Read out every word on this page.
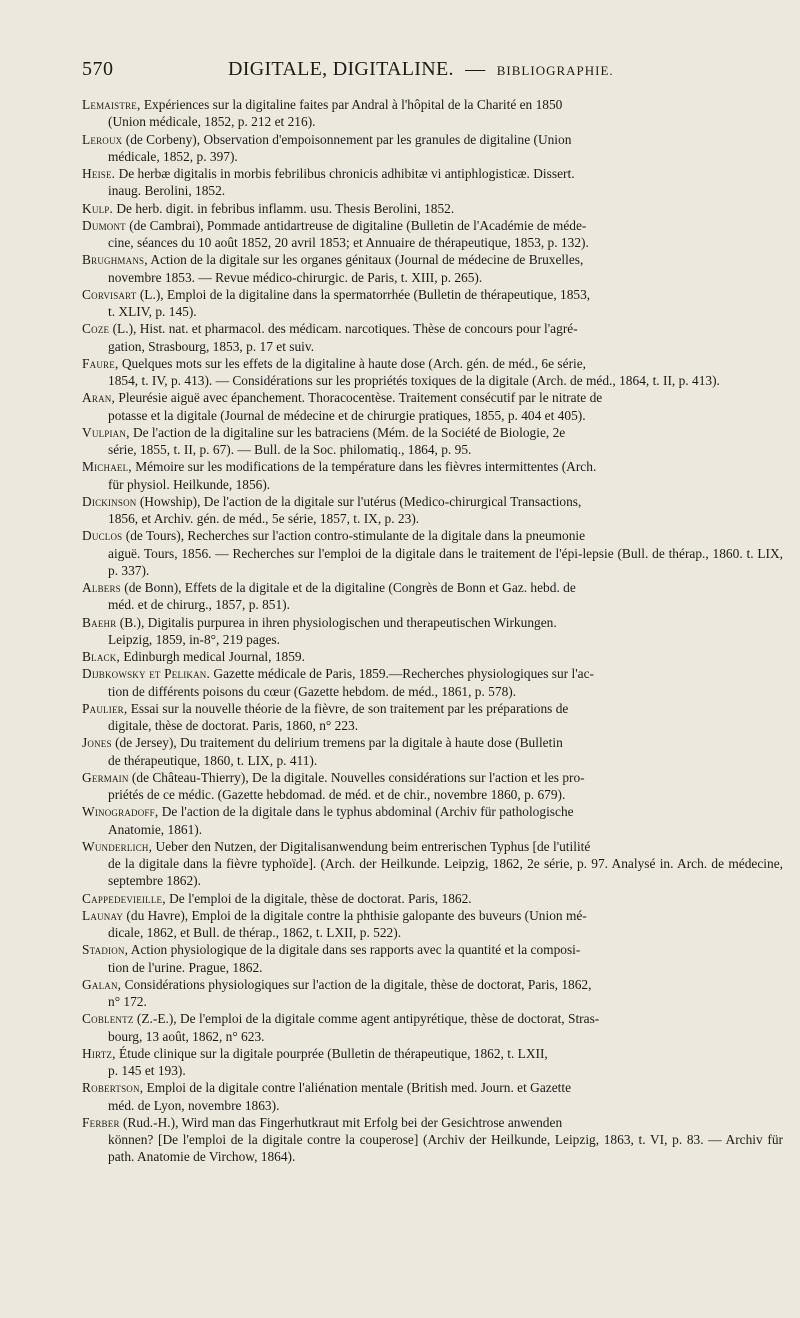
570	DIGITALE, DIGITALINE. — BIBLIOGRAPHIE.
Lemaistre, Expériences sur la digitaline faites par Andral à l'hôpital de la Charité en 1850
(Union médicale, 1852, p. 212 et 216).
Leroux (de Corbeny), Observation d'empoisonnement par les granules de digitaline (Union
médicale, 1852, p. 397).
Heise. De herbæ digitalis in morbis febrilibus chronicis adhibitæ vi antiphlogisticæ. Dissert.
inaug. Berolini, 1852.
Kulp. De herb. digit. in febribus inflamm. usu. Thesis Berolini, 1852.
Dumont (de Cambrai), Pommade antidartreuse de digitaline (Bulletin de l'Académie de méde-
cine, séances du 10 août 1852, 20 avril 1853; et Annuaire de thérapeutique, 1853, p. 132).
Brughmans, Action de la digitale sur les organes génitaux (Journal de médecine de Bruxelles,
novembre 1853. — Revue médico-chirurgic. de Paris, t. XIII, p. 265).
Corvisart (L.), Emploi de la digitaline dans la spermatorrhée (Bulletin de thérapeutique, 1853,
t. XLIV, p. 145).
Coze (L.), Hist. nat. et pharmacol. des médicam. narcotiques. Thèse de concours pour l'agré-
gation, Strasbourg, 1853, p. 17 et suiv.
Faure, Quelques mots sur les effets de la digitaline à haute dose (Arch. gén. de méd., 6e série,
1854, t. IV, p. 413). — Considérations sur les propriétés toxiques de la digitale (Arch. de méd., 1864, t. II, p. 413).
Aran, Pleurésie aiguë avec épanchement. Thoracocentèse. Traitement consécutif par le nitrate de
potasse et la digitale (Journal de médecine et de chirurgie pratiques, 1855, p. 404 et 405).
Vulpian, De l'action de la digitaline sur les batraciens (Mém. de la Société de Biologie, 2e
série, 1855, t. II, p. 67). — Bull. de la Soc. philomatiq., 1864, p. 95.
Michael, Mémoire sur les modifications de la température dans les fièvres intermittentes (Arch.
für physiol. Heilkunde, 1856).
Dickinson (Howship), De l'action de la digitale sur l'utérus (Medico-chirurgical Transactions,
1856, et Archiv. gén. de méd., 5e série, 1857, t. IX, p. 23).
Duclos (de Tours), Recherches sur l'action contro-stimulante de la digitale dans la pneumonie
aiguë. Tours, 1856. — Recherches sur l'emploi de la digitale dans le traitement de l'épi-lepsie (Bull. de thérap., 1860. t. LIX, p. 337).
Albers (de Bonn), Effets de la digitale et de la digitaline (Congrès de Bonn et Gaz. hebd. de
méd. et de chirurg., 1857, p. 851).
Baehr (B.), Digitalis purpurea in ihren physiologischen und therapeutischen Wirkungen.
Leipzig, 1859, in-8°, 219 pages.
Black, Edinburgh medical Journal, 1859.
Dijbkowsky et Pelikan. Gazette médicale de Paris, 1859.—Recherches physiologiques sur l'ac-
tion de différents poisons du cœur (Gazette hebdom. de méd., 1861, p. 578).
Paulier, Essai sur la nouvelle théorie de la fièvre, de son traitement par les préparations de
digitale, thèse de doctorat. Paris, 1860, n° 223.
Jones (de Jersey), Du traitement du delirium tremens par la digitale à haute dose (Bulletin
de thérapeutique, 1860, t. LIX, p. 411).
Germain (de Château-Thierry), De la digitale. Nouvelles considérations sur l'action et les pro-
priétés de ce médic. (Gazette hebdomad. de méd. et de chir., novembre 1860, p. 679).
Winogradoff, De l'action de la digitale dans le typhus abdominal (Archiv für pathologische
Anatomie, 1861).
Wunderlich, Ueber den Nutzen, der Digitalisanwendung beim entrerischen Typhus [de l'utilité
de la digitale dans la fièvre typhoïde]. (Arch. der Heilkunde. Leipzig, 1862, 2e série, p. 97. Analysé in. Arch. de médecine, septembre 1862).
Cappedevieille, De l'emploi de la digitale, thèse de doctorat. Paris, 1862.
Launay (du Havre), Emploi de la digitale contre la phthisie galopante des buveurs (Union mé-
dicale, 1862, et Bull. de thérap., 1862, t. LXII, p. 522).
Stadion, Action physiologique de la digitale dans ses rapports avec la quantité et la composi-
tion de l'urine. Prague, 1862.
Galan, Considérations physiologiques sur l'action de la digitale, thèse de doctorat, Paris, 1862,
n° 172.
Coblentz (Z.-E.), De l'emploi de la digitale comme agent antipyrétique, thèse de doctorat, Stras-
bourg, 13 août, 1862, n° 623.
Hirtz, Étude clinique sur la digitale pourprée (Bulletin de thérapeutique, 1862, t. LXII,
p. 145 et 193).
Robertson, Emploi de la digitale contre l'aliénation mentale (British med. Journ. et Gazette
méd. de Lyon, novembre 1863).
Ferber (Rud.-H.), Wird man das Fingerhutkraut mit Erfolg bei der Gesichtrose anwenden
können? [De l'emploi de la digitale contre la couperose] (Archiv der Heilkunde, Leipzig, 1863, t. VI, p. 83. — Archiv für path. Anatomie de Virchow, 1864).
